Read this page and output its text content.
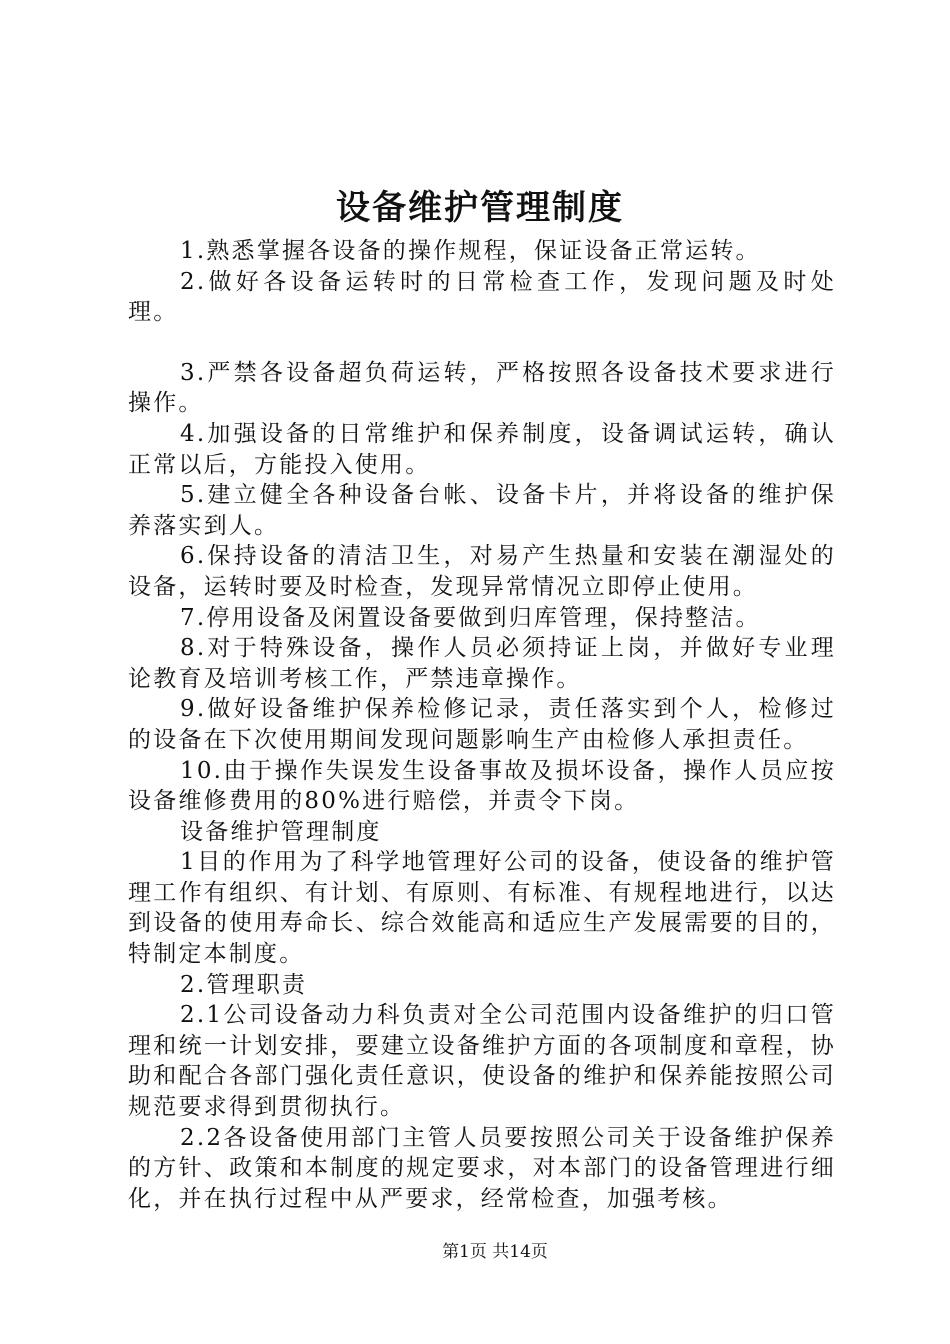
设备维护管理制度

1.熟悉掌握各设备的操作规程，保证设备正常运转。

2.做好各设备运转时的日常检查工作，发现问题及时处理。

3.严禁各设备超负荷运转，严格按照各设备技术要求进行操作。

4.加强设备的日常维护和保养制度，设备调试运转，确认正常以后，方能投入使用。

5.建立健全各种设备台帐、设备卡片，并将设备的维护保养落实到人。

6.保持设备的清洁卫生，对易产生热量和安装在潮湿处的设备，运转时要及时检查，发现异常情况立即停止使用。

7.停用设备及闲置设备要做到归库管理，保持整洁。

8.对于特殊设备，操作人员必须持证上岗，并做好专业理论教育及培训考核工作，严禁违章操作。

9.做好设备维护保养检修记录，责任落实到个人，检修过的设备在下次使用期间发现问题影响生产由检修人承担责任。

10.由于操作失误发生设备事故及损坏设备，操作人员应按设备维修费用的80%进行赔偿，并责令下岗。

设备维护管理制度

1目的作用为了科学地管理好公司的设备，使设备的维护管理工作有组织、有计划、有原则、有标准、有规程地进行，以达到设备的使用寿命长、综合效能高和适应生产发展需要的目的，特制定本制度。

2.管理职责

2.1公司设备动力科负责对全公司范围内设备维护的归口管理和统一计划安排，要建立设备维护方面的各项制度和章程，协助和配合各部门强化责任意识，使设备的维护和保养能按照公司规范要求得到贯彻执行。

2.2各设备使用部门主管人员要按照公司关于设备维护保养的方针、政策和本制度的规定要求，对本部门的设备管理进行细化，并在执行过程中从严要求，经常检查，加强考核。

第1页 共14页
